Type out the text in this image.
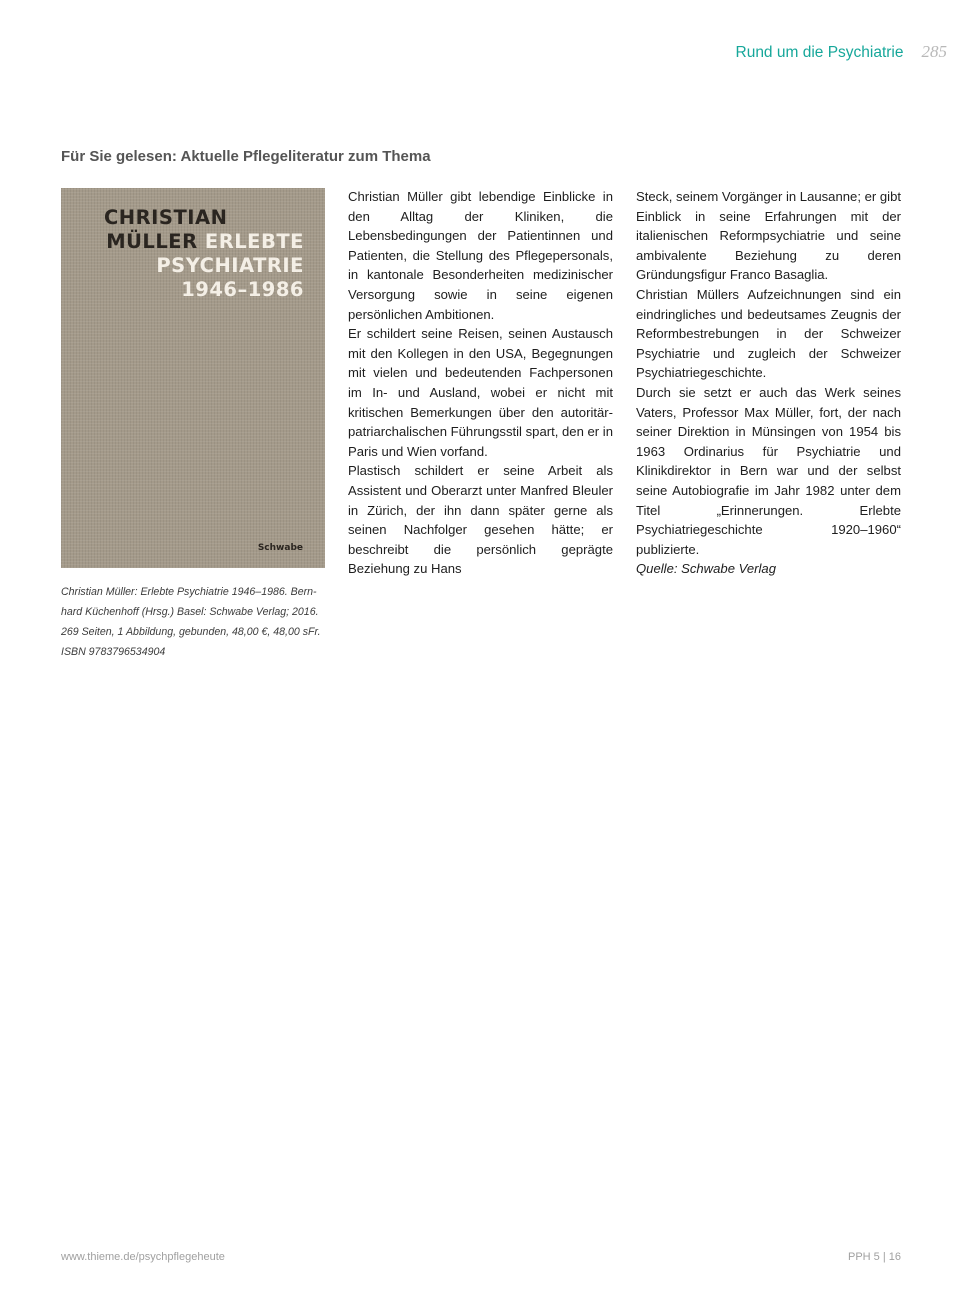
Rund um die Psychiatrie 285
Für Sie gelesen: Aktuelle Pflegeliteratur zum Thema
CHRISTIAN
MÜLLER ERLEBTE
PSYCHIATRIE
1946–1986
Schwabe
Christian Müller: Erlebte Psychiatrie 1946–1986. Bern-
hard Küchenhoff (Hrsg.) Basel: Schwabe Verlag; 2016.
269 Seiten, 1 Abbildung, gebunden, 48,00 €, 48,00 sFr.
ISBN 9783796534904

Christian Müller gibt lebendige Einblicke in den Alltag der Kliniken, die Lebensbedingungen der Patientinnen und Patienten, die Stellung des Pflegepersonals, in kantonale Besonderheiten medizinischer Versorgung sowie in seine eigenen persönlichen Ambitionen.

Er schildert seine Reisen, seinen Austausch mit den Kollegen in den USA, Begegnungen mit vielen und bedeutenden Fachpersonen im In- und Ausland, wobei er nicht mit kritischen Bemerkungen über den autoritär-patriarchalischen Führungsstil spart, den er in Paris und Wien vorfand.

Plastisch schildert er seine Arbeit als Assistent und Oberarzt unter Manfred Bleuler in Zürich, der ihn dann später gerne als seinen Nachfolger gesehen hätte; er beschreibt die persönlich geprägte Beziehung zu Hans

Steck, seinem Vorgänger in Lausanne; er gibt Einblick in seine Erfahrungen mit der italienischen Reformpsychiatrie und seine ambivalente Beziehung zu deren Gründungsfigur Franco Basaglia.

Christian Müllers Aufzeichnungen sind ein eindringliches und bedeutsames Zeugnis der Reformbestrebungen in der Schweizer Psychiatrie und zugleich der Schweizer Psychiatriegeschichte.

Durch sie setzt er auch das Werk seines Vaters, Professor Max Müller, fort, der nach seiner Direktion in Münsingen von 1954 bis 1963 Ordinarius für Psychiatrie und Klinikdirektor in Bern war und der selbst seine Autobiografie im Jahr 1982 unter dem Titel „Erinnerungen. Erlebte Psychiatriegeschichte 1920–1960“ publizierte.

Quelle: Schwabe Verlag

www.thieme.de/psychpflegeheute	PPH 5 | 16
